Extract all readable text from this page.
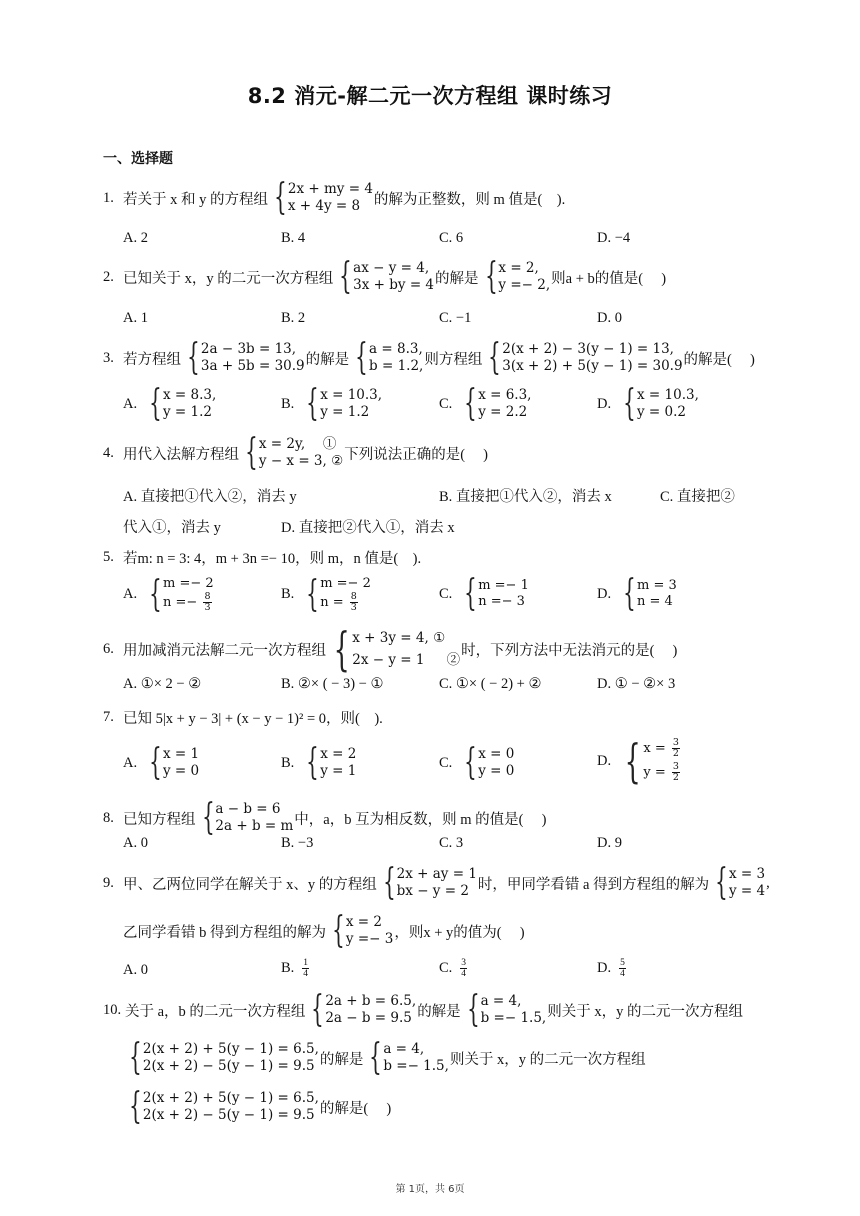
8.2 消元-解二元一次方程组 课时练习
一、选择题
1. 若关于 x 和 y 的方程组 { 2x + my = 4
x + 4y = 8 的解为正整数，则 m 值是(　).
A. 2	B. 4	C. 6	D. −4
2. 已知关于 x，y 的二元一次方程组 { ax − y = 4,
3x + by = 4 的解是 { x = 2,
y =− 2, 则a + b的值是(　 )
A. 1	B. 2	C. −1	D. 0
3. 若方程组 { 2a − 3b = 13,
3a + 5b = 30.9 的解是 { a = 8.3,
b = 1.2, 则方程组 { 2(x + 2) − 3(y − 1) = 13,
3(x + 2) + 5(y − 1) = 30.9 的解是(　 )
A. { x = 8.3,
y = 1.2
B. { x = 10.3,
y = 1.2
C. { x = 6.3,
y = 2.2
D. { x = 10.3,
y = 0.2
4. 用代入法解方程组 { x = 2y,　 ①
y − x = 3, ② 下列说法正确的是(　 )
A. 直接把①代入②，消去 y	B. 直接把①代入②，消去 x	C. 直接把②
代入①，消去 y	D. 直接把②代入①，消去 x
5. 若m: n = 3: 4，m + 3n =− 10，则 m，n 值是(　).
A. { m =− 2
$n =- \frac{8}{3}$	B. { m =− 2
$n = \frac{8}{3}$	C. { m =− 1
n =− 3	D. { m = 3
n = 4
6. 用加减消元法解二元一次方程组 { x + 3y = 4, ①
2x − y = 1 　 ②
时，下列方法中无法消元的是(　 )
A. ①× 2 − ②	B. ②× ( − 3) − ①	C. ①× ( − 2) + ②	D. ① − ②× 3
7. 已知 5|x + y − 3| + (x − y − 1)² = 0，则(　).
A. { x = 1
y = 0
B. { x = 2
y = 1
C. { x = 0
y = 0
D. { $x = \frac{3}{2}$
$y = \frac{3}{2}$
8. 已知方程组 { a − b = 6
2a + b = m 中，a，b 互为相反数，则 m 的值是(　 )
A. 0	B. −3	C. 3	D. 9
9. 甲、乙两位同学在解关于 x、y 的方程组 { 2x + ay = 1
bx − y = 2 时，甲同学看错 a 得到方程组的解为 { x = 3
y = 4
,
乙同学看错 b 得到方程组的解为 { x = 2
y =− 3 ，则x + y的值为(　 )
A. 0	B. $\frac{1}{4}$	C. $\frac{3}{4}$	D. $\frac{5}{4}$
10. 关于 a，b 的二元一次方程组 { 2a + b = 6.5,
2a − b = 9.5 的解是 { a = 4,
b =− 1.5, 则关于 x，y 的二元一次方程组
{ 2(x + 2) + 5(y − 1) = 6.5,
2(x + 2) − 5(y − 1) = 9.5 的解是 { a = 4,
b =− 1.5, 则关于 x，y 的二元一次方程组
{ 2(x + 2) + 5(y − 1) = 6.5,
2(x + 2) − 5(y − 1) = 9.5 的解是(　 )
第 1页，共 6页
